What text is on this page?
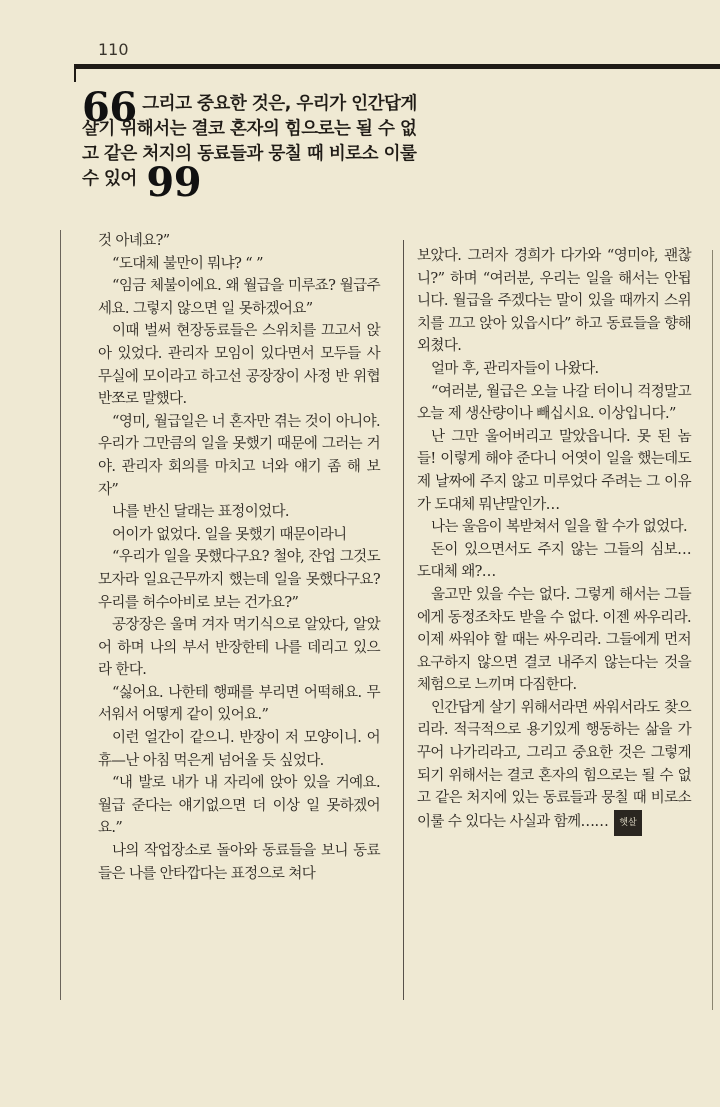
110
66 그리고 중요한 것은, 우리가 인간답게 살기 위해서는 결코 혼자의 힘으로는 될 수 없고 같은 처지의 동료들과 뭉칠 때 비로소 이룰 수 있어 99

것 아녜요?”

“도대체 불만이 뭐냐? “ ”

“임금 체불이에요. 왜 월급을 미루죠? 월급주세요. 그렇지 않으면 일 못하겠어요”

이때 벌써 현장동료들은 스위치를 끄고서 앉아 있었다. 관리자 모임이 있다면서 모두들 사무실에 모이라고 하고선 공장장이 사정 반 위협 반쪼로 말했다.

“영미, 월급일은 너 혼자만 겪는 것이 아니야. 우리가 그만큼의 일을 못했기 때문에 그러는 거야. 관리자 회의를 마치고 너와 얘기 좀 해 보자”

나를 반신 달래는 표정이었다.

어이가 없었다. 일을 못했기 때문이라니

“우리가 일을 못했다구요? 철야, 잔업 그것도 모자라 일요근무까지 했는데 일을 못했다구요? 우리를 허수아비로 보는 건가요?”

공장장은 울며 겨자 먹기식으로 알았다, 알았어 하며 나의 부서 반장한테 나를 데리고 있으라 한다.

“싫어요. 나한테 행패를 부리면 어떡해요. 무서워서 어떻게 같이 있어요.”

이런 얼간이 같으니. 반장이 저 모양이니. 어휴—난 아침 먹은게 넘어올 듯 싶었다.

“내 발로 내가 내 자리에 앉아 있을 거예요. 월급 준다는 얘기없으면 더 이상 일 못하겠어요.”

나의 작업장소로 돌아와 동료들을 보니 동료들은 나를 안타깝다는 표정으로 쳐다

보았다. 그러자 경희가 다가와 “영미야, 괜찮니?” 하며 “여러분, 우리는 일을 해서는 안됩니다. 월급을 주겠다는 말이 있을 때까지 스위치를 끄고 앉아 있읍시다” 하고 동료들을 향해 외쳤다.

얼마 후, 관리자들이 나왔다.

“여러분, 월급은 오늘 나갈 터이니 걱정말고 오늘 제 생산량이나 빼십시요. 이상입니다.”

난 그만 울어버리고 말았읍니다. 못 된 놈들! 이렇게 해야 준다니 어엿이 일을 했는데도 제 날짜에 주지 않고 미루었다 주려는 그 이유가 도대체 뭐냔말인가…

나는 울음이 복받쳐서 일을 할 수가 없었다.

돈이 있으면서도 주지 않는 그들의 심보… 도대체 왜?…

울고만 있을 수는 없다. 그렇게 해서는 그들에게 동정조차도 받을 수 없다. 이젠 싸우리라. 이제 싸워야 할 때는 싸우리라. 그들에게 먼저 요구하지 않으면 결코 내주지 않는다는 것을 체험으로 느끼며 다짐한다.

인간답게 살기 위해서라면 싸워서라도 찾으리라. 적극적으로 용기있게 행동하는 삶을 가꾸어 나가리라고, 그리고 중요한 것은 그렇게 되기 위해서는 결코 혼자의 힘으로는 될 수 없고 같은 처지에 있는 동료들과 뭉칠 때 비로소 이룰 수 있다는 사실과 함께…… 햇살
